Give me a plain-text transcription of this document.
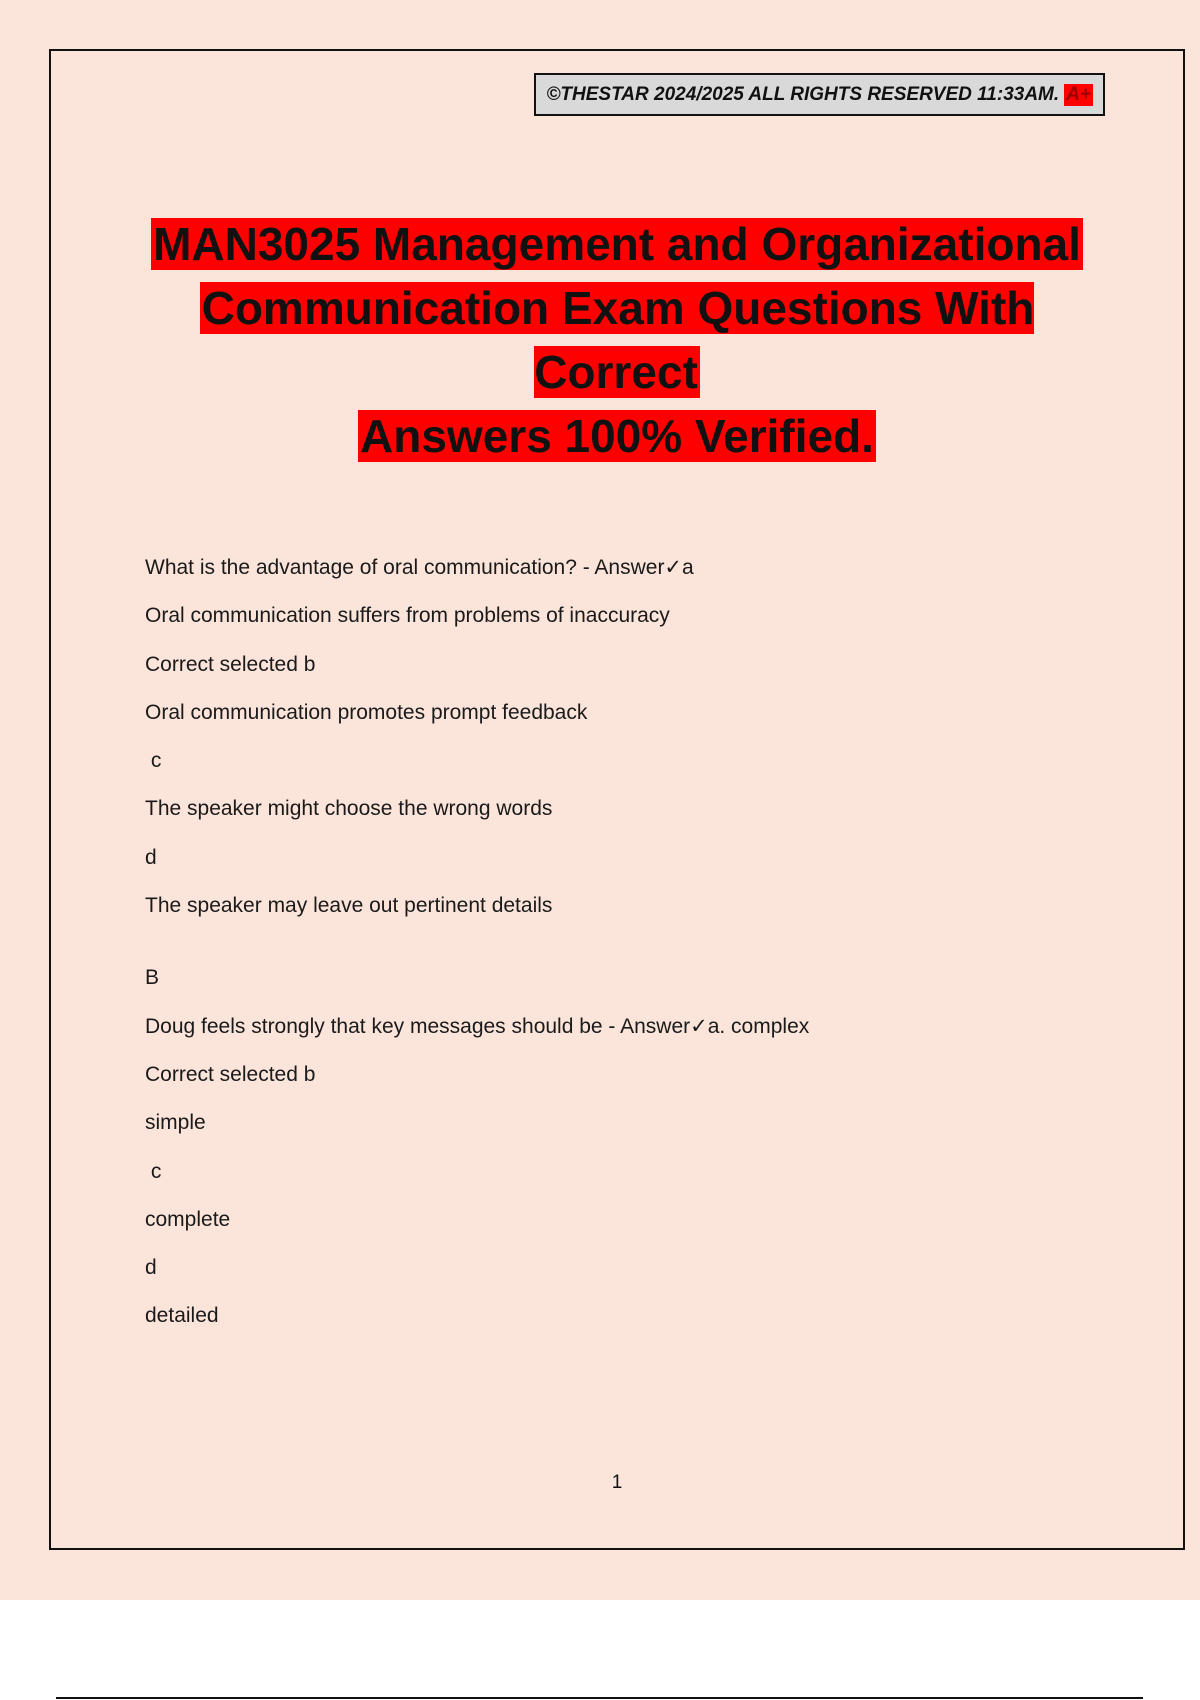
©THESTAR 2024/2025 ALL RIGHTS RESERVED 11:33AM. A+
MAN3025 Management and Organizational
Communication Exam Questions With Correct
Answers 100% Verified.
What is the advantage of oral communication? - Answer✓a
Oral communication suffers from problems of inaccuracy
Correct selected b
Oral communication promotes prompt feedback
c
The speaker might choose the wrong words
d
The speaker may leave out pertinent details
B
Doug feels strongly that key messages should be - Answer✓a. complex
Correct selected b
simple
c
complete
d
detailed
1
